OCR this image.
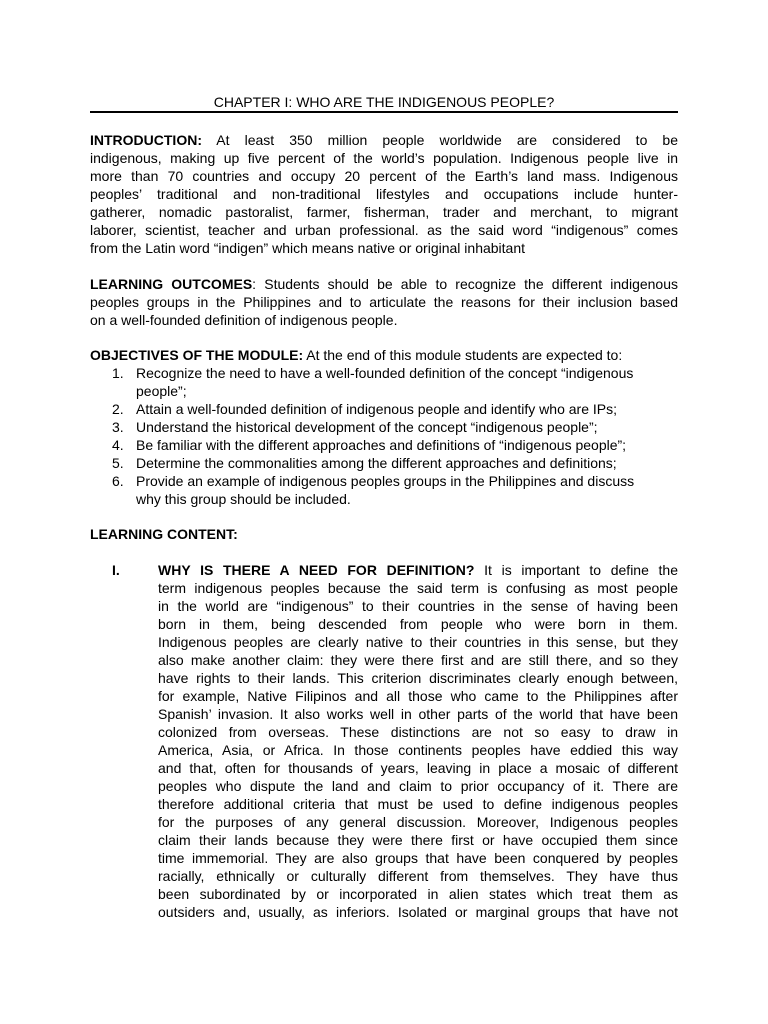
CHAPTER I: WHO ARE THE INDIGENOUS PEOPLE?
INTRODUCTION: At least 350 million people worldwide are considered to be
indigenous, making up five percent of the world’s population. Indigenous people live in
more than 70 countries and occupy 20 percent of the Earth’s land mass. Indigenous
peoples’ traditional and non-traditional lifestyles and occupations include hunter-
gatherer, nomadic pastoralist, farmer, fisherman, trader and merchant, to migrant
laborer, scientist, teacher and urban professional. as the said word “indigenous” comes
from the Latin word “indigen” which means native or original inhabitant
LEARNING OUTCOMES: Students should be able to recognize the different indigenous
peoples groups in the Philippines and to articulate the reasons for their inclusion based
on a well-founded definition of indigenous people.
OBJECTIVES OF THE MODULE: At the end of this module students are expected to:
1. Recognize the need to have a well-founded definition of the concept “indigenous
people”;
2. Attain a well-founded definition of indigenous people and identify who are IPs;
3. Understand the historical development of the concept “indigenous people”;
4. Be familiar with the different approaches and definitions of “indigenous people”;
5. Determine the commonalities among the different approaches and definitions;
6. Provide an example of indigenous peoples groups in the Philippines and discuss
why this group should be included.
LEARNING CONTENT:
I.	WHY IS THERE A NEED FOR DEFINITION? It is important to define the
term indigenous peoples because the said term is confusing as most people
in the world are “indigenous” to their countries in the sense of having been
born in them, being descended from people who were born in them.
Indigenous peoples are clearly native to their countries in this sense, but they
also make another claim: they were there first and are still there, and so they
have rights to their lands. This criterion discriminates clearly enough between,
for example, Native Filipinos and all those who came to the Philippines after
Spanish’ invasion. It also works well in other parts of the world that have been
colonized from overseas. These distinctions are not so easy to draw in
America, Asia, or Africa. In those continents peoples have eddied this way
and that, often for thousands of years, leaving in place a mosaic of different
peoples who dispute the land and claim to prior occupancy of it. There are
therefore additional criteria that must be used to define indigenous peoples
for the purposes of any general discussion. Moreover, Indigenous peoples
claim their lands because they were there first or have occupied them since
time immemorial. They are also groups that have been conquered by peoples
racially, ethnically or culturally different from themselves. They have thus
been subordinated by or incorporated in alien states which treat them as
outsiders and, usually, as inferiors. Isolated or marginal groups that have not
